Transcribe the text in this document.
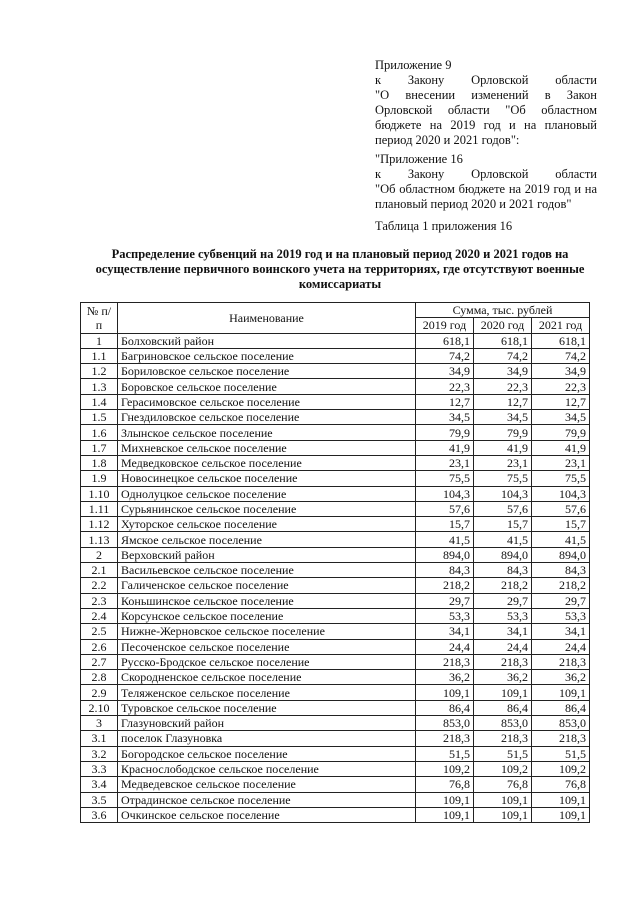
Приложение 9

к Закону Орловской области

"О внесении изменений в Закон Орловской области "Об областном бюджете на 2019 год и на плановый период 2020 и 2021 годов":

"Приложение 16

к Закону Орловской области

"Об областном бюджете на 2019 год и на плановый период 2020 и 2021 годов"

Таблица 1 приложения 16

Распределение субвенций на 2019 год и на плановый период 2020 и 2021 годов на осуществление первичного воинского учета на территориях, где отсутствуют военные комиссариаты

№ п/п	Наименование	Сумма, тыс. рублей		
		2019 год	2020 год	2021 год
1	Болховский район	618,1	618,1	618,1
1.1	Багриновское сельское поселение	74,2	74,2	74,2
1.2	Бориловское сельское поселение	34,9	34,9	34,9
1.3	Боровское сельское поселение	22,3	22,3	22,3
1.4	Герасимовское сельское поселение	12,7	12,7	12,7
1.5	Гнездиловское сельское поселение	34,5	34,5	34,5
1.6	Злынское сельское поселение	79,9	79,9	79,9
1.7	Михневское сельское поселение	41,9	41,9	41,9
1.8	Медведковское сельское поселение	23,1	23,1	23,1
1.9	Новосинецкое сельское поселение	75,5	75,5	75,5
1.10	Однолуцкое сельское поселение	104,3	104,3	104,3
1.11	Сурьянинское сельское поселение	57,6	57,6	57,6
1.12	Хуторское сельское поселение	15,7	15,7	15,7
1.13	Ямское сельское поселение	41,5	41,5	41,5
2	Верховский район	894,0	894,0	894,0
2.1	Васильевское сельское поселение	84,3	84,3	84,3
2.2	Галиченское сельское поселение	218,2	218,2	218,2
2.3	Коньшинское сельское поселение	29,7	29,7	29,7
2.4	Корсунское сельское поселение	53,3	53,3	53,3
2.5	Нижне-Жерновское сельское поселение	34,1	34,1	34,1
2.6	Песоченское сельское поселение	24,4	24,4	24,4
2.7	Русско-Бродское сельское поселение	218,3	218,3	218,3
2.8	Скородненское сельское поселение	36,2	36,2	36,2
2.9	Теляженское сельское поселение	109,1	109,1	109,1
2.10	Туровское сельское поселение	86,4	86,4	86,4
3	Глазуновский район	853,0	853,0	853,0
3.1	поселок Глазуновка	218,3	218,3	218,3
3.2	Богородское сельское поселение	51,5	51,5	51,5
3.3	Краснослободское сельское поселение	109,2	109,2	109,2
3.4	Медведевское сельское поселение	76,8	76,8	76,8
3.5	Отрадинское сельское поселение	109,1	109,1	109,1
3.6	Очкинское сельское поселение	109,1	109,1	109,1
